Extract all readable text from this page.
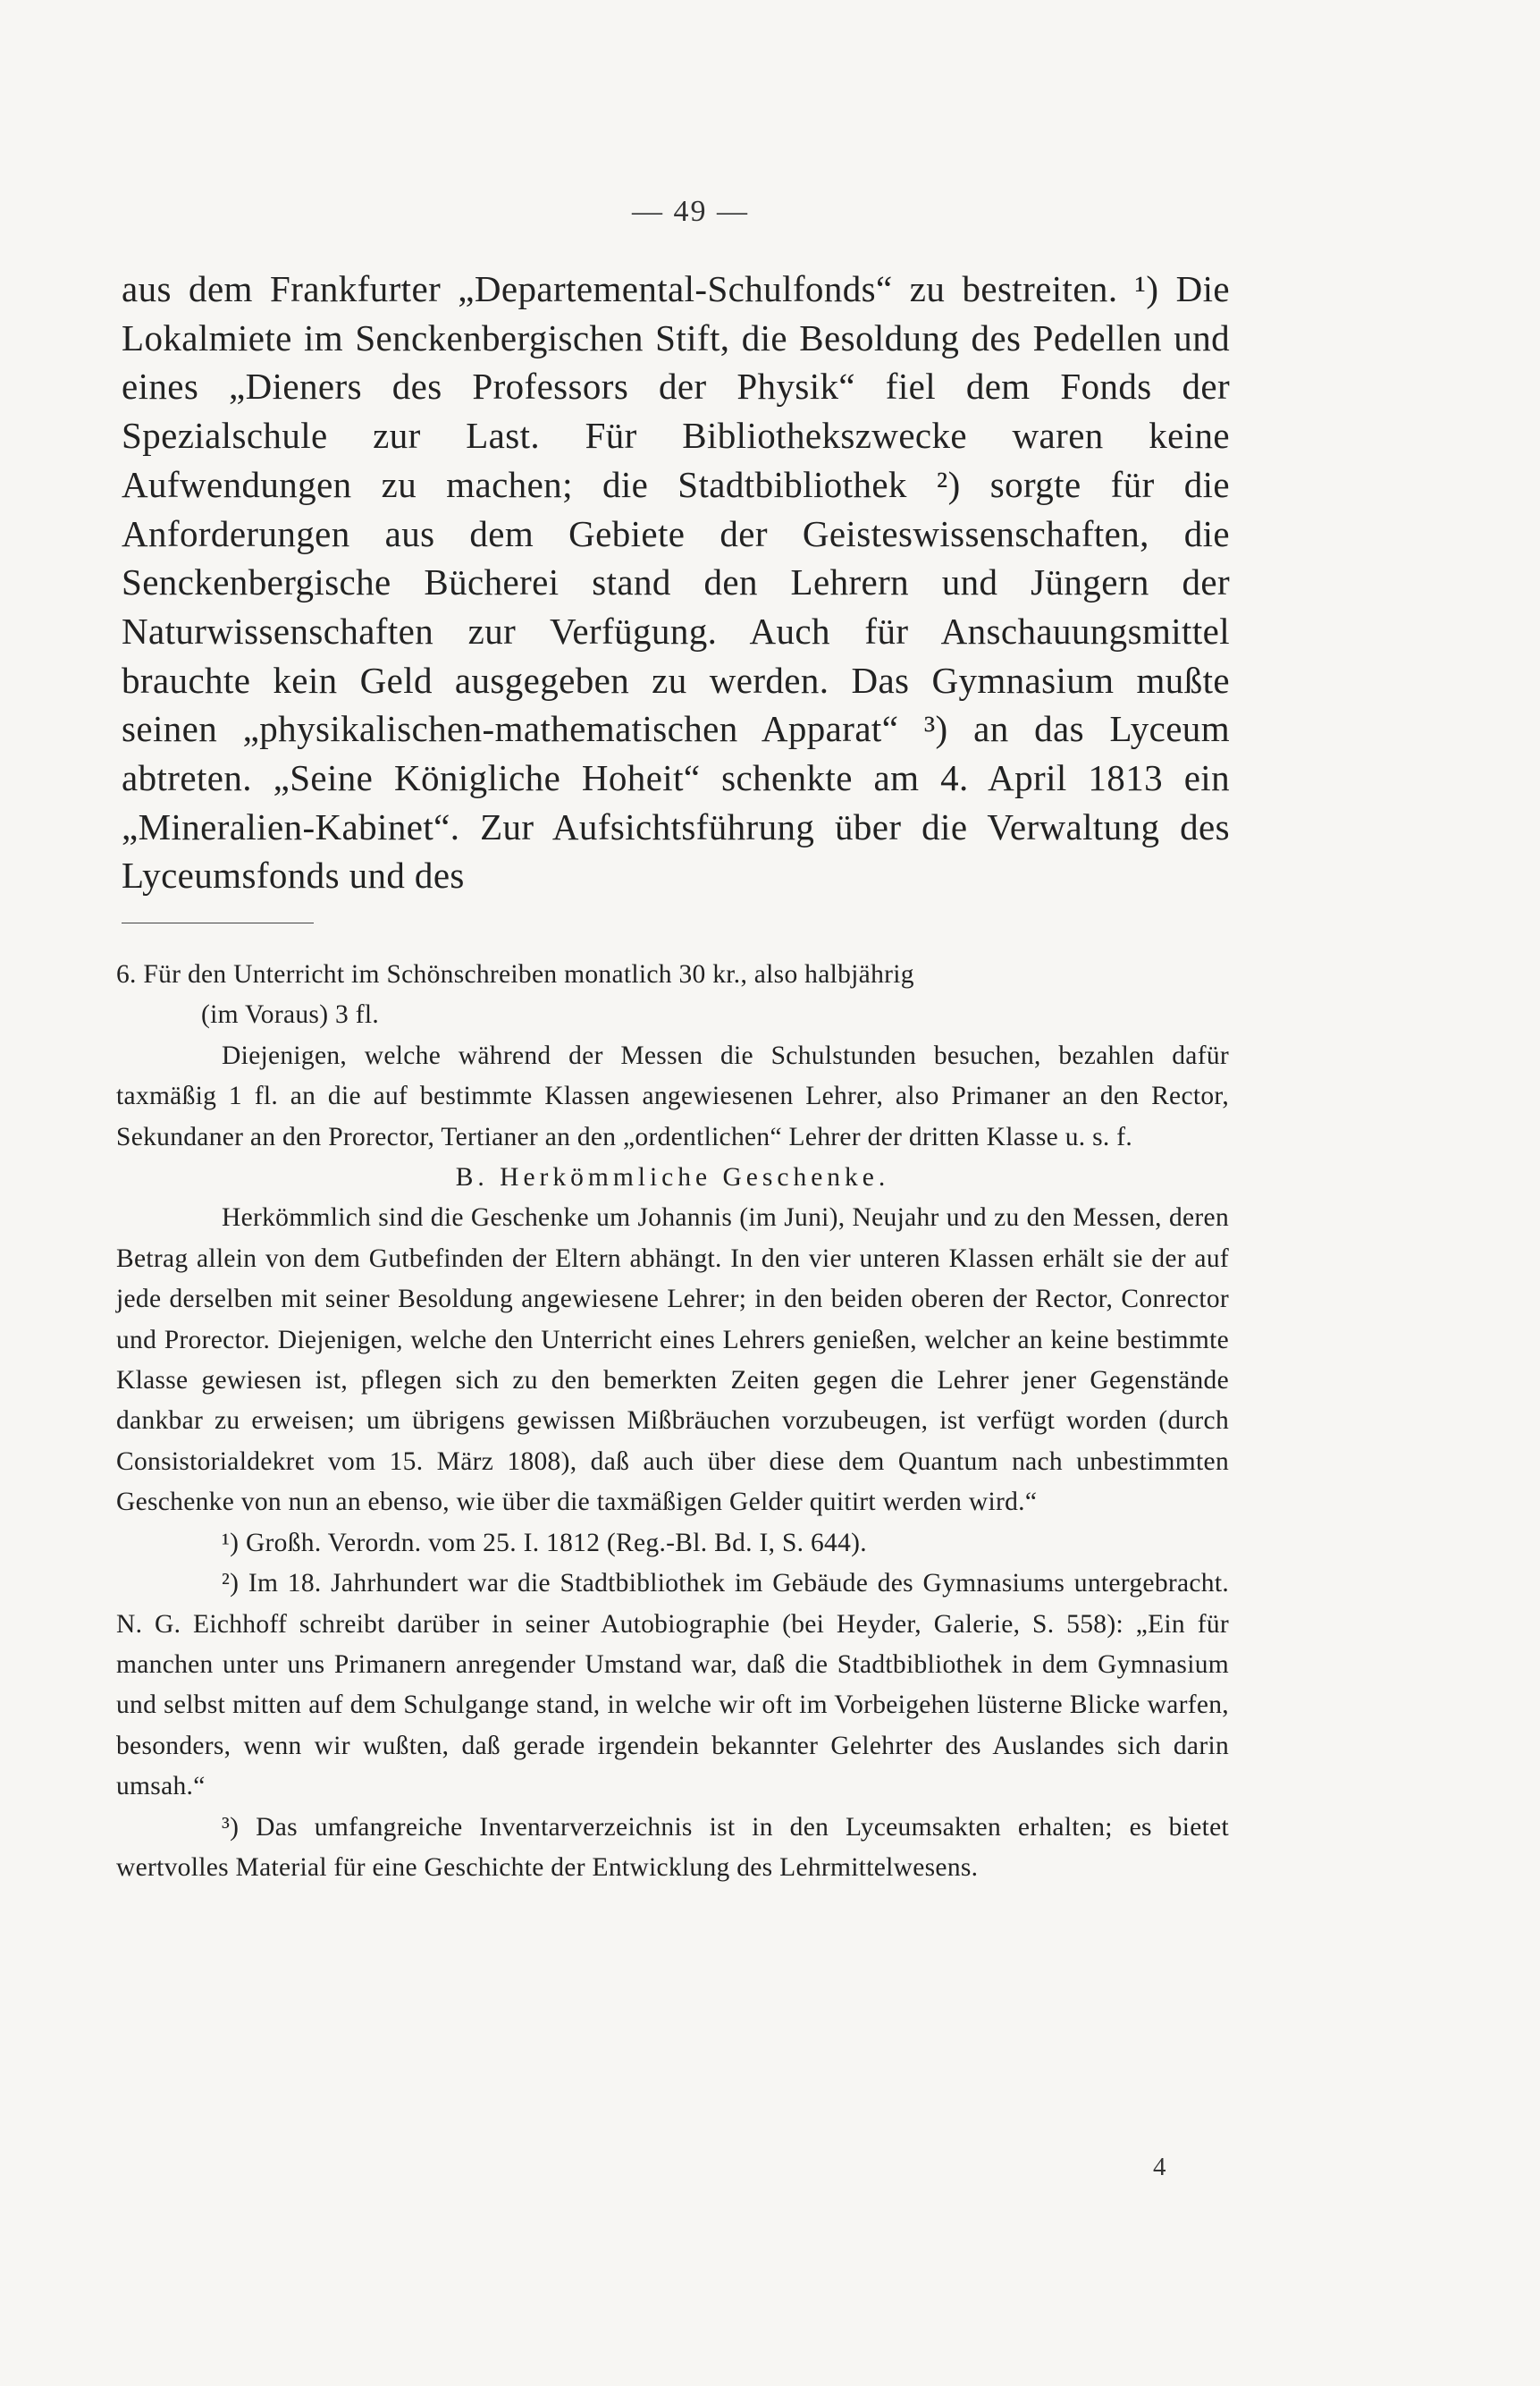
— 49 —

aus dem Frankfurter „Departemental-Schulfonds“ zu bestreiten. ¹) Die Lokalmiete im Senckenbergischen Stift, die Besoldung des Pedellen und eines „Dieners des Professors der Physik“ fiel dem Fonds der Spezialschule zur Last. Für Bibliothekszwecke waren keine Aufwendungen zu machen; die Stadtbibliothek ²) sorgte für die Anforderungen aus dem Gebiete der Geisteswissenschaften, die Senckenbergische Bücherei stand den Lehrern und Jüngern der Naturwissenschaften zur Verfügung. Auch für Anschauungsmittel brauchte kein Geld ausgegeben zu werden. Das Gymnasium mußte seinen „physikalischen-mathematischen Apparat“ ³) an das Lyceum abtreten. „Seine Königliche Hoheit“ schenkte am 4. April 1813 ein „Mineralien-Kabinet“. Zur Aufsichtsführung über die Verwaltung des Lyceumsfonds und des

6. Für den Unterricht im Schönschreiben monatlich 30 kr., also halbjährig

(im Voraus) 3 fl.

Diejenigen, welche während der Messen die Schulstunden besuchen, bezahlen dafür taxmäßig 1 fl. an die auf bestimmte Klassen angewiesenen Lehrer, also Primaner an den Rector, Sekundaner an den Prorector, Tertianer an den „ordentlichen“ Lehrer der dritten Klasse u. s. f.

B. Herkömmliche Geschenke.

Herkömmlich sind die Geschenke um Johannis (im Juni), Neujahr und zu den Messen, deren Betrag allein von dem Gutbefinden der Eltern abhängt. In den vier unteren Klassen erhält sie der auf jede derselben mit seiner Besoldung angewiesene Lehrer; in den beiden oberen der Rector, Conrector und Prorector. Diejenigen, welche den Unterricht eines Lehrers genießen, welcher an keine bestimmte Klasse gewiesen ist, pflegen sich zu den bemerkten Zeiten gegen die Lehrer jener Gegenstände dankbar zu erweisen; um übrigens gewissen Mißbräuchen vorzubeugen, ist verfügt worden (durch Consistorialdekret vom 15. März 1808), daß auch über diese dem Quantum nach unbestimmten Geschenke von nun an ebenso, wie über die taxmäßigen Gelder quitirt werden wird.“

¹) Großh. Verordn. vom 25. I. 1812 (Reg.-Bl. Bd. I, S. 644).

²) Im 18. Jahrhundert war die Stadtbibliothek im Gebäude des Gymnasiums untergebracht. N. G. Eichhoff schreibt darüber in seiner Autobiographie (bei Heyder, Galerie, S. 558): „Ein für manchen unter uns Primanern anregender Umstand war, daß die Stadtbibliothek in dem Gymnasium und selbst mitten auf dem Schulgange stand, in welche wir oft im Vorbeigehen lüsterne Blicke warfen, besonders, wenn wir wußten, daß gerade irgendein bekannter Gelehrter des Auslandes sich darin umsah.“

³) Das umfangreiche Inventarverzeichnis ist in den Lyceumsakten erhalten; es bietet wertvolles Material für eine Geschichte der Entwicklung des Lehrmittelwesens.

4
